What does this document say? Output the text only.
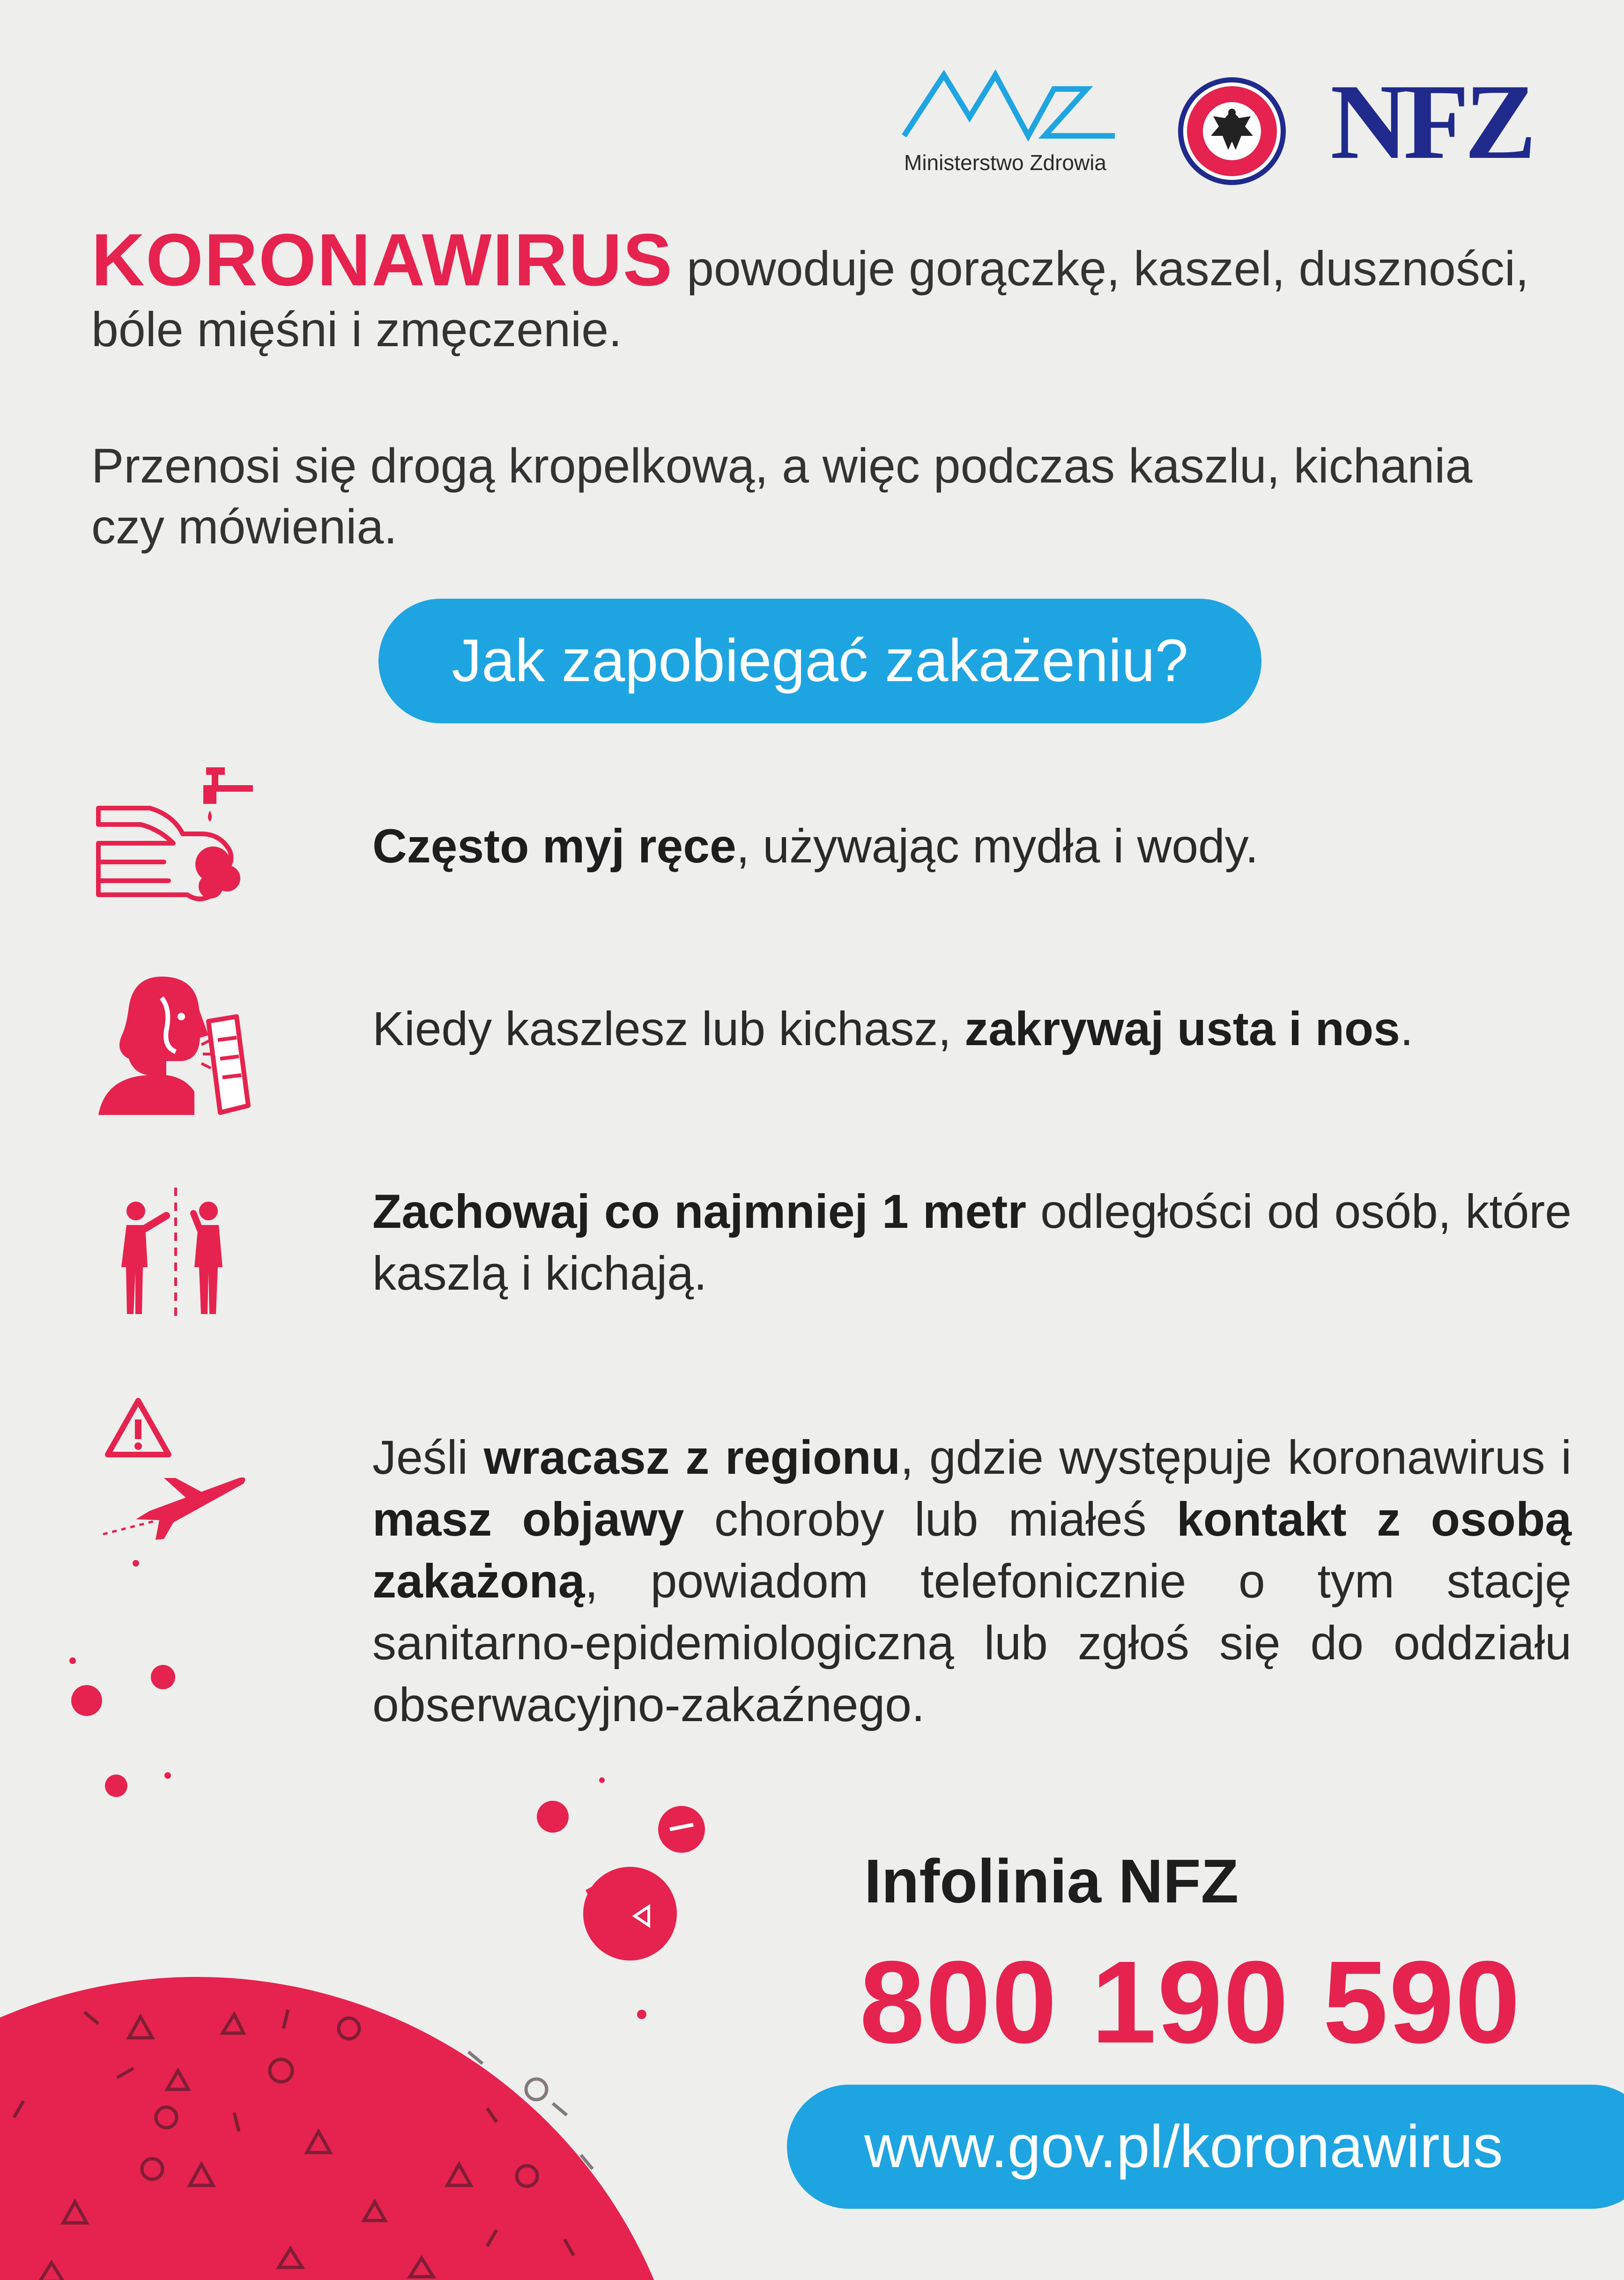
Ministerstwo Zdrowia NFZ
KORONAWIRUS powoduje gorączkę, kaszel, duszności,
bóle mięśni i zmęczenie.
Przenosi się drogą kropelkową, a więc podczas kaszlu, kichania
czy mówienia.
Jak zapobiegać zakażeniu?
Często myj ręce, używając mydła i wody.
Kiedy kaszlesz lub kichasz, zakrywaj usta i nos.
Zachowaj co najmniej 1 metr odległości od osób, które kaszlą i kichają.
Jeśli wracasz z regionu, gdzie występuje koronawirus i masz objawy choroby lub miałeś kontakt z osobą zakażoną, powiadom telefonicznie o tym stację sanitarno-epidemiologiczną lub zgłoś się do oddziału obserwacyjno-zakaźnego.
Infolinia NFZ
800 190 590
www.gov.pl/koronawirus
